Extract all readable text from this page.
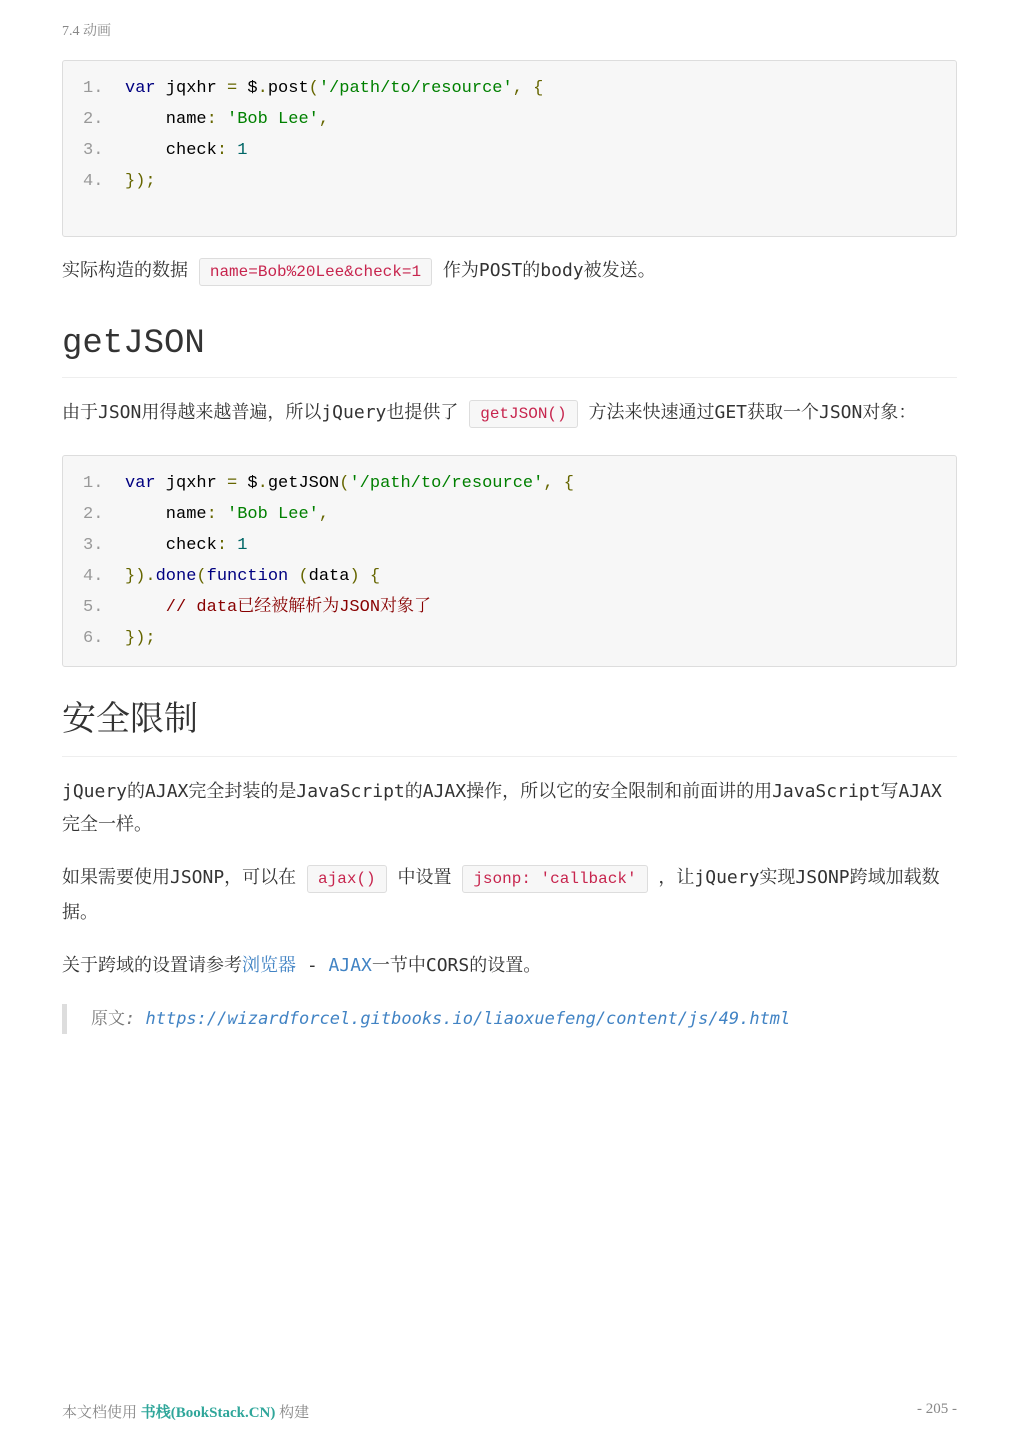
7.4 动画
1. var jqxhr = $.post('/path/to/resource', {
2.    name: 'Bob Lee',
3.    check: 1
4. });

实际构造的数据 name=Bob%20Lee&check=1 作为POST的body被发送。

getJSON

由于JSON用得越来越普遍，所以jQuery也提供了 getJSON() 方法来快速通过GET获取一个JSON对象：

1. var jqxhr = $.getJSON('/path/to/resource', {
2.    name: 'Bob Lee',
3.    check: 1
4. }).done(function (data) {
5.    // data已经被解析为JSON对象了
6. });
安全限制

jQuery的AJAX完全封装的是JavaScript的AJAX操作，所以它的安全限制和前面讲的用JavaScript写AJAX完全一样。

如果需要使用JSONP，可以在 ajax() 中设置 jsonp: 'callback' ，让jQuery实现JSONP跨域加载数据。

关于跨域的设置请参考浏览器 - AJAX一节中CORS的设置。

原文: https://wizardforcel.gitbooks.io/liaoxuefeng/content/js/49.html
本文档使用 书栈(BookStack.CN) 构建	- 205 -
